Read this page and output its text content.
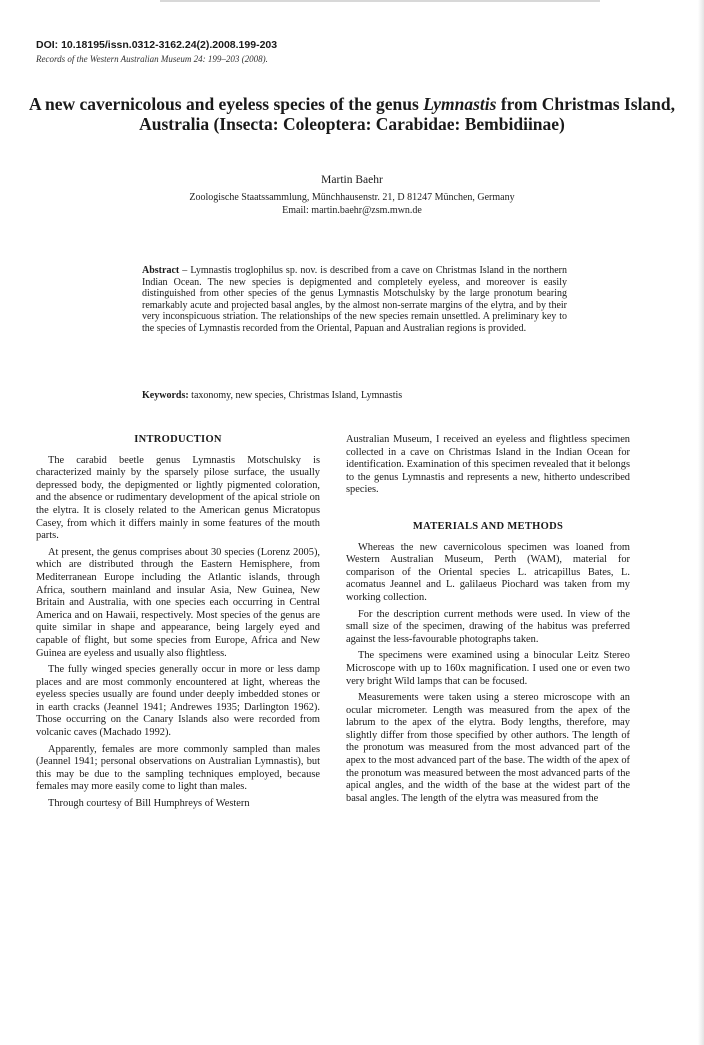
DOI: 10.18195/issn.0312-3162.24(2).2008.199-203
Records of the Western Australian Museum 24: 199–203 (2008).
A new cavernicolous and eyeless species of the genus Lymnastis from Christmas Island, Australia (Insecta: Coleoptera: Carabidae: Bembidiinae)
Martin Baehr
Zoologische Staatssammlung, Münchhausenstr. 21, D 81247 München, Germany
Email: martin.baehr@zsm.mwn.de
Abstract – Lymnastis troglophilus sp. nov. is described from a cave on Christmas Island in the northern Indian Ocean. The new species is depigmented and completely eyeless, and moreover is easily distinguished from other species of the genus Lymnastis Motschulsky by the large pronotum bearing remarkably acute and projected basal angles, by the almost non-serrate margins of the elytra, and by their very inconspicuous striation. The relationships of the new species remain unsettled. A preliminary key to the species of Lymnastis recorded from the Oriental, Papuan and Australian regions is provided.
Keywords: taxonomy, new species, Christmas Island, Lymnastis
INTRODUCTION

The carabid beetle genus Lymnastis Motschulsky is characterized mainly by the sparsely pilose surface, the usually depressed body, the depigmented or lightly pigmented coloration, and the absence or rudimentary development of the apical striole on the elytra. It is closely related to the American genus Micratopus Casey, from which it differs mainly in some features of the mouth parts.

At present, the genus comprises about 30 species (Lorenz 2005), which are distributed through the Eastern Hemisphere, from Mediterranean Europe including the Atlantic islands, through Africa, southern mainland and insular Asia, New Guinea, New Britain and Australia, with one species each occurring in Central America and on Hawaii, respectively. Most species of the genus are quite similar in shape and appearance, being largely eyed and capable of flight, but some species from Europe, Africa and New Guinea are eyeless and usually also flightless.

The fully winged species generally occur in more or less damp places and are most commonly encountered at light, whereas the eyeless species usually are found under deeply imbedded stones or in earth cracks (Jeannel 1941; Andrewes 1935; Darlington 1962). Those occurring on the Canary Islands also were recorded from volcanic caves (Machado 1992).

Apparently, females are more commonly sampled than males (Jeannel 1941; personal observations on Australian Lymnastis), but this may be due to the sampling techniques employed, because females may more easily come to light than males.

Through courtesy of Bill Humphreys of Western

Australian Museum, I received an eyeless and flightless specimen collected in a cave on Christmas Island in the Indian Ocean for identification. Examination of this specimen revealed that it belongs to the genus Lymnastis and represents a new, hitherto undescribed species.

MATERIALS AND METHODS

Whereas the new cavernicolous specimen was loaned from Western Australian Museum, Perth (WAM), material for comparison of the Oriental species L. atricapillus Bates, L. acomatus Jeannel and L. galilaeus Piochard was taken from my working collection.

For the description current methods were used. In view of the small size of the specimen, drawing of the habitus was preferred against the less-favourable photographs taken.

The specimens were examined using a binocular Leitz Stereo Microscope with up to 160x magnification. I used one or even two very bright Wild lamps that can be focused.

Measurements were taken using a stereo microscope with an ocular micrometer. Length was measured from the apex of the labrum to the apex of the elytra. Body lengths, therefore, may slightly differ from those specified by other authors. The length of the pronotum was measured from the most advanced part of the apex to the most advanced part of the base. The width of the apex of the pronotum was measured between the most advanced parts of the apical angles, and the width of the base at the widest part of the basal angles. The length of the elytra was measured from the
